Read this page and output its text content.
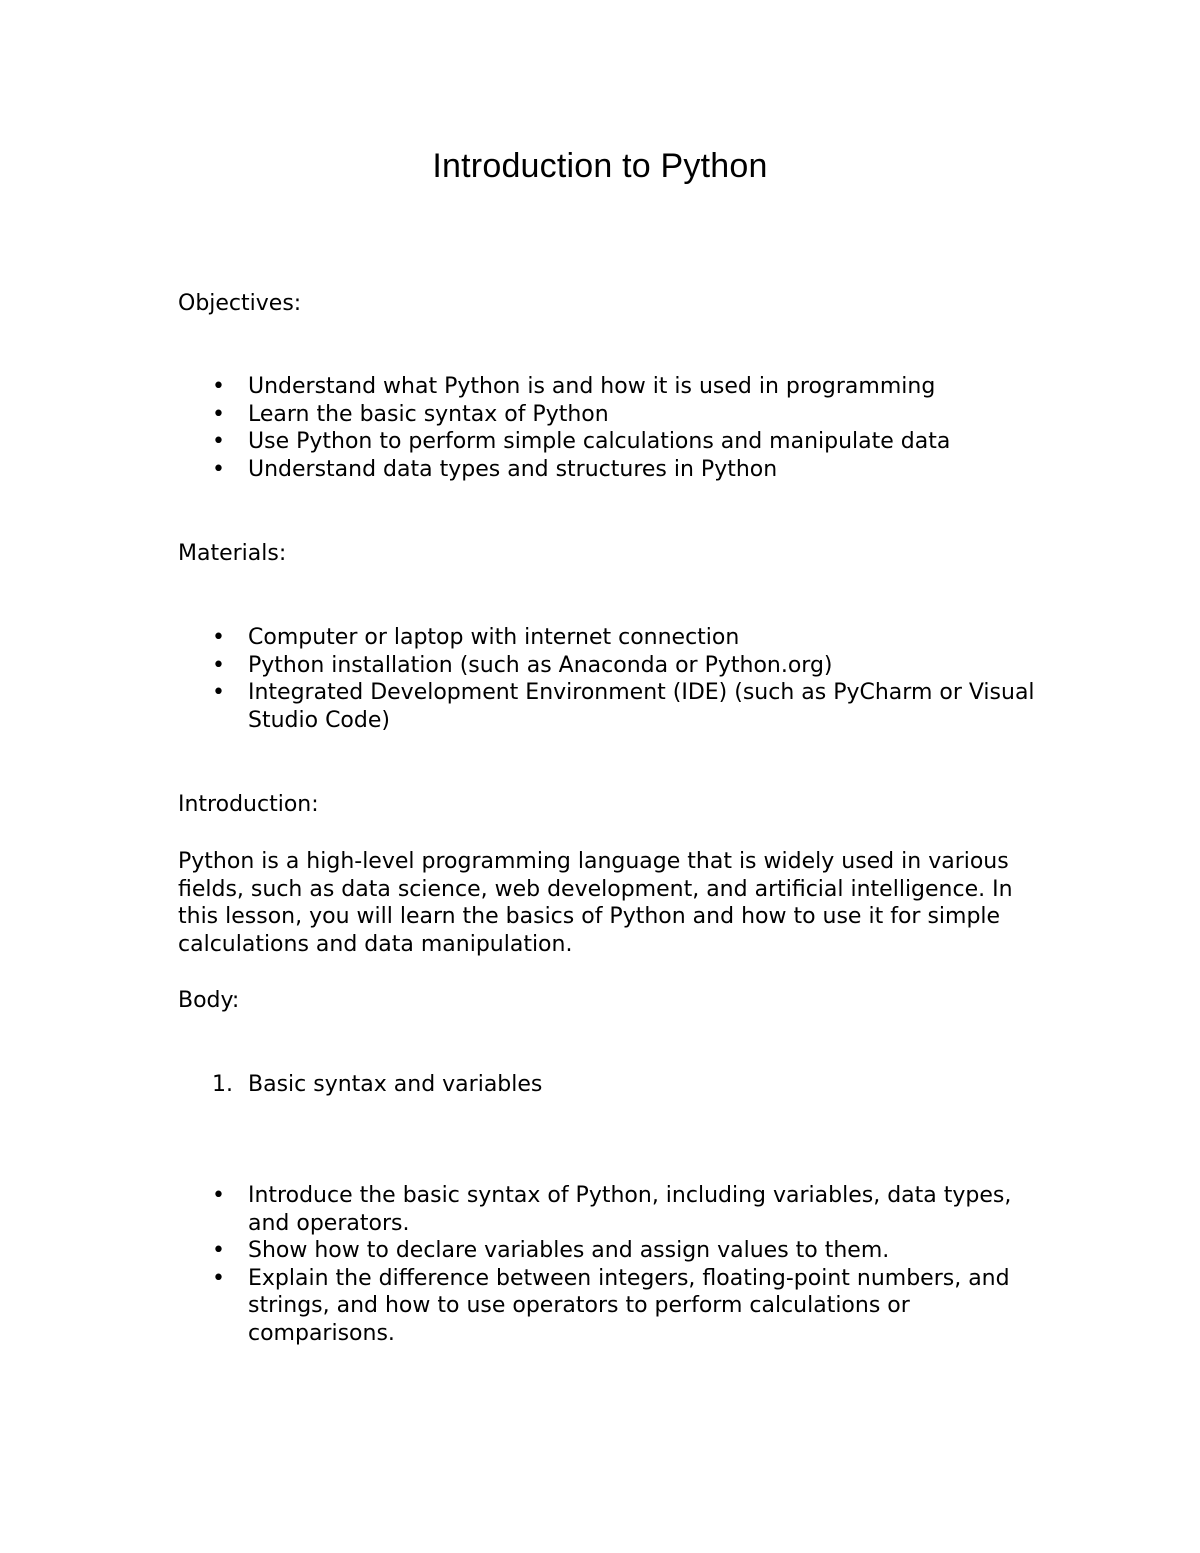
Introduction to Python
Objectives:
• Understand what Python is and how it is used in programming
• Learn the basic syntax of Python
• Use Python to perform simple calculations and manipulate data
• Understand data types and structures in Python
Materials:
• Computer or laptop with internet connection
• Python installation (such as Anaconda or Python.org)
• Integrated Development Environment (IDE) (such as PyCharm or Visual Studio Code)
Introduction:
Python is a high-level programming language that is widely used in various fields, such as data science, web development, and artificial intelligence. In this lesson, you will learn the basics of Python and how to use it for simple calculations and data manipulation.
Body:
1. Basic syntax and variables
• Introduce the basic syntax of Python, including variables, data types, and operators.
• Show how to declare variables and assign values to them.
• Explain the difference between integers, floating-point numbers, and strings, and how to use operators to perform calculations or comparisons.
